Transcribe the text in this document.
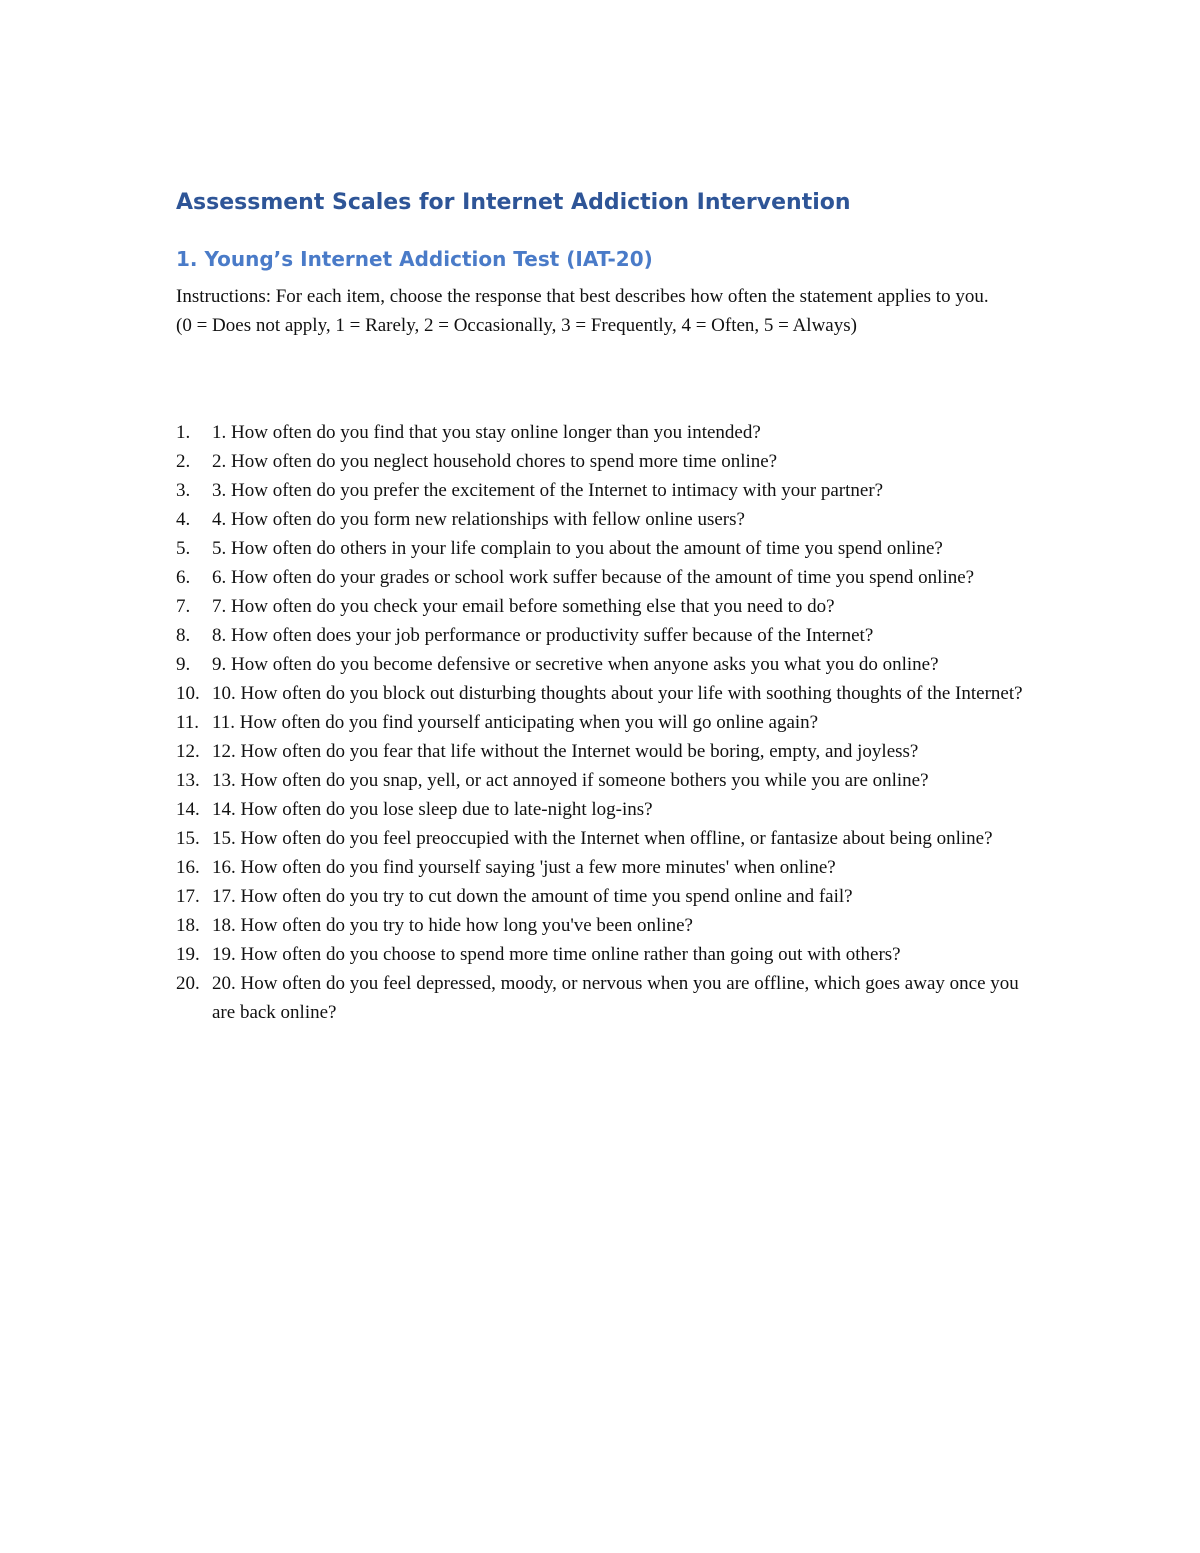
Assessment Scales for Internet Addiction Intervention
1. Young’s Internet Addiction Test (IAT-20)

Instructions: For each item, choose the response that best describes how often the statement applies to you.

(0 = Does not apply, 1 = Rarely, 2 = Occasionally, 3 = Frequently, 4 = Often, 5 = Always)

1.	1. How often do you find that you stay online longer than you intended?
2.	2. How often do you neglect household chores to spend more time online?
3.	3. How often do you prefer the excitement of the Internet to intimacy with your partner?
4.	4. How often do you form new relationships with fellow online users?
5.	5. How often do others in your life complain to you about the amount of time you spend online?
6.	6. How often do your grades or school work suffer because of the amount of time you spend online?
7.	7. How often do you check your email before something else that you need to do?
8.	8. How often does your job performance or productivity suffer because of the Internet?
9.	9. How often do you become defensive or secretive when anyone asks you what you do online?
10. 10. How often do you block out disturbing thoughts about your life with soothing thoughts of the Internet?
11. 11. How often do you find yourself anticipating when you will go online again?
12. 12. How often do you fear that life without the Internet would be boring, empty, and joyless?
13. 13. How often do you snap, yell, or act annoyed if someone bothers you while you are online?
14. 14. How often do you lose sleep due to late-night log-ins?
15. 15. How often do you feel preoccupied with the Internet when offline, or fantasize about being online?
16. 16. How often do you find yourself saying 'just a few more minutes' when online?
17. 17. How often do you try to cut down the amount of time you spend online and fail?
18. 18. How often do you try to hide how long you've been online?
19. 19. How often do you choose to spend more time online rather than going out with others?
20. 20. How often do you feel depressed, moody, or nervous when you are offline, which goes away once you are back online?
